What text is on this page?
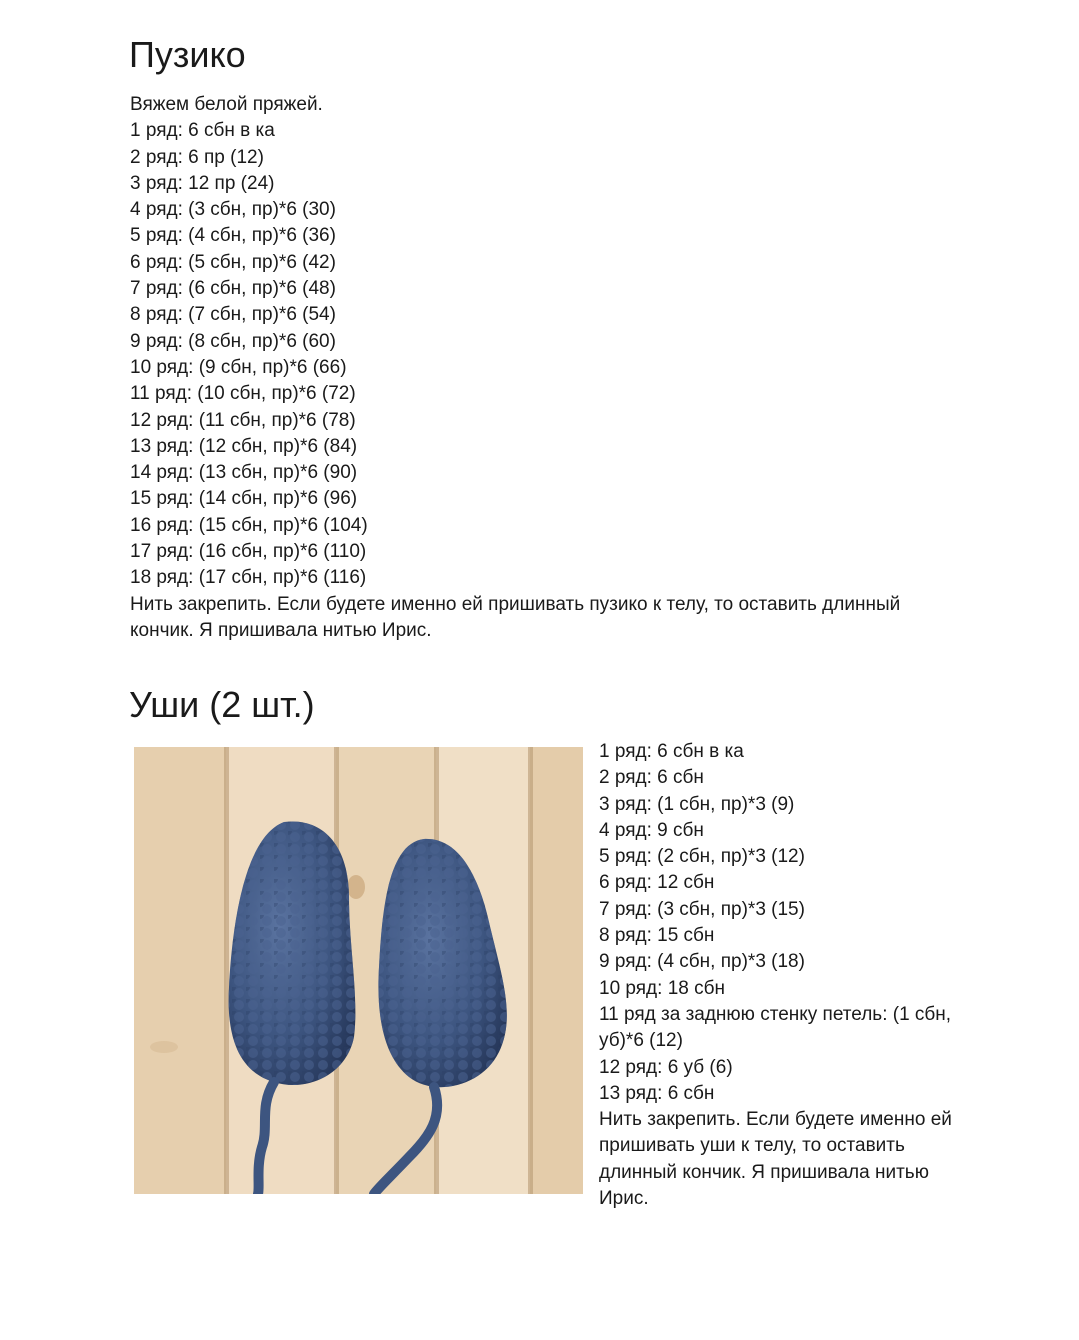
Пузико
Вяжем белой пряжей.
1 ряд: 6 сбн в ка
2 ряд: 6 пр (12)
3 ряд: 12 пр (24)
4 ряд: (3 сбн, пр)*6 (30)
5 ряд: (4 сбн, пр)*6 (36)
6 ряд: (5 сбн, пр)*6 (42)
7 ряд: (6 сбн, пр)*6 (48)
8 ряд: (7 сбн, пр)*6 (54)
9 ряд: (8 сбн, пр)*6 (60)
10 ряд: (9 сбн, пр)*6 (66)
11 ряд: (10 сбн, пр)*6 (72)
12 ряд: (11 сбн, пр)*6 (78)
13 ряд: (12 сбн, пр)*6 (84)
14 ряд: (13 сбн, пр)*6 (90)
15 ряд: (14 сбн, пр)*6 (96)
16 ряд: (15 сбн, пр)*6 (104)
17 ряд: (16 сбн, пр)*6 (110)
18 ряд: (17 сбн, пр)*6 (116)
Нить закрепить. Если будете именно ей пришивать пузико к телу, то оставить длинный кончик. Я пришивала нитью Ирис.
Уши (2 шт.)
1 ряд: 6 сбн в ка
2 ряд: 6 сбн
3 ряд: (1 сбн, пр)*3 (9)
4 ряд: 9 сбн
5 ряд: (2 сбн, пр)*3 (12)
6 ряд: 12 сбн
7 ряд: (3 сбн, пр)*3 (15)
8 ряд: 15 сбн
9 ряд: (4 сбн, пр)*3 (18)
10 ряд: 18 сбн
11 ряд за заднюю стенку петель: (1 сбн, уб)*6 (12)
12 ряд: 6 уб (6)
13 ряд: 6 сбн
Нить закрепить. Если будете именно ей пришивать уши к телу, то оставить длинный кончик. Я пришивала нитью Ирис.
